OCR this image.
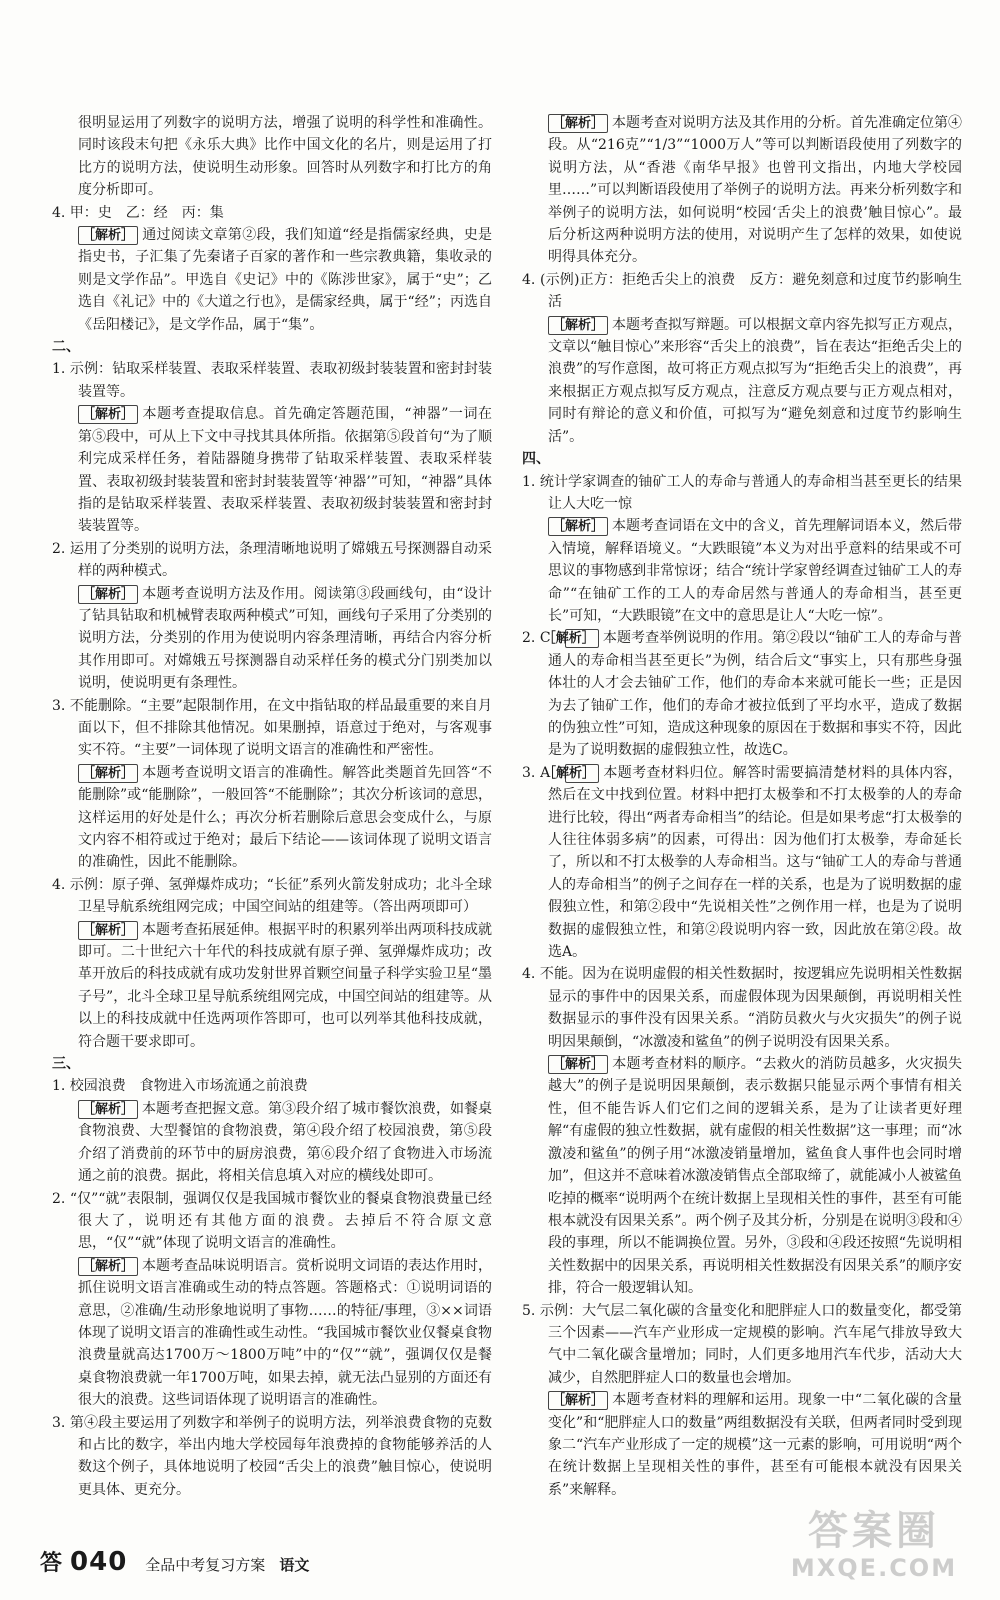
很明显运用了列数字的说明方法，增强了说明的科学性和准确性。同时该段末句把《永乐大典》比作中国文化的名片，则是运用了打比方的说明方法，使说明生动形象。回答时从列数字和打比方的角度分析即可。

4. 甲：史　乙：经　丙：集

［解析］ 通过阅读文章第②段，我们知道“经是指儒家经典，史是指史书，子汇集了先秦诸子百家的著作和一些宗教典籍，集收录的则是文学作品”。甲选自《史记》中的《陈涉世家》，属于“史”；乙选自《礼记》中的《大道之行也》，是儒家经典，属于“经”；丙选自《岳阳楼记》，是文学作品，属于“集”。

二、

1. 示例：钻取采样装置、表取采样装置、表取初级封装装置和密封封装装置等。

［解析］ 本题考查提取信息。首先确定答题范围，“神器”一词在第⑤段中，可从上下文中寻找其具体所指。依据第⑤段首句“为了顺利完成采样任务，着陆器随身携带了钻取采样装置、表取采样装置、表取初级封装装置和密封封装装置等‘神器’”可知，“神器”具体指的是钻取采样装置、表取采样装置、表取初级封装装置和密封封装装置等。

2. 运用了分类别的说明方法，条理清晰地说明了嫦娥五号探测器自动采样的两种模式。

［解析］ 本题考查说明方法及作用。阅读第③段画线句，由“设计了钻具钻取和机械臂表取两种模式”可知，画线句子采用了分类别的说明方法，分类别的作用为使说明内容条理清晰，再结合内容分析其作用即可。对嫦娥五号探测器自动采样任务的模式分门别类加以说明，使说明更有条理性。

3. 不能删除。“主要”起限制作用，在文中指钻取的样品最重要的来自月面以下，但不排除其他情况。如果删掉，语意过于绝对，与客观事实不符。“主要”一词体现了说明文语言的准确性和严密性。

［解析］ 本题考查说明文语言的准确性。解答此类题首先回答“不能删除”或“能删除”，一般回答“不能删除”；其次分析该词的意思，这样运用的好处是什么；再次分析若删除后意思会变成什么，与原文内容不相符或过于绝对；最后下结论——该词体现了说明文语言的准确性，因此不能删除。

4. 示例：原子弹、氢弹爆炸成功；“长征”系列火箭发射成功；北斗全球卫星导航系统组网完成；中国空间站的组建等。（答出两项即可）

［解析］ 本题考查拓展延伸。根据平时的积累列举出两项科技成就即可。二十世纪六十年代的科技成就有原子弹、氢弹爆炸成功；改革开放后的科技成就有成功发射世界首颗空间量子科学实验卫星“墨子号”，北斗全球卫星导航系统组网完成，中国空间站的组建等。从以上的科技成就中任选两项作答即可，也可以列举其他科技成就，符合题干要求即可。

三、

1. 校园浪费　食物进入市场流通之前浪费

［解析］ 本题考查把握文意。第③段介绍了城市餐饮浪费，如餐桌食物浪费、大型餐馆的食物浪费，第④段介绍了校园浪费，第⑤段介绍了消费前的环节中的厨房浪费，第⑥段介绍了食物进入市场流通之前的浪费。据此，将相关信息填入对应的横线处即可。

2. “仅”“就”表限制，强调仅仅是我国城市餐饮业的餐桌食物浪费量已经很大了，说明还有其他方面的浪费。去掉后不符合原文意思，“仅”“就”体现了说明文语言的准确性。

［解析］ 本题考查品味说明语言。赏析说明文词语的表达作用时，抓住说明文语言准确或生动的特点答题。答题格式：①说明词语的意思，②准确/生动形象地说明了事物……的特征/事理，③××词语体现了说明文语言的准确性或生动性。“我国城市餐饮业仅餐桌食物浪费量就高达1700万～1800万吨”中的“仅”“就”，强调仅仅是餐桌食物浪费就一年1700万吨，如果去掉，就无法凸显别的方面还有很大的浪费。这些词语体现了说明语言的准确性。

3. 第④段主要运用了列数字和举例子的说明方法，列举浪费食物的克数和占比的数字，举出内地大学校园每年浪费掉的食物能够养活的人数这个例子，具体地说明了校园“舌尖上的浪费”触目惊心，使说明更具体、更充分。

［解析］ 本题考查对说明方法及其作用的分析。首先准确定位第④段。从“216克”“1/3”“1000万人”等可以判断语段使用了列数字的说明方法，从“香港《南华早报》也曾刊文指出，内地大学校园里……”可以判断语段使用了举例子的说明方法。再来分析列数字和举例子的说明方法，如何说明“校园‘舌尖上的浪费’触目惊心”。最后分析这两种说明方法的使用，对说明产生了怎样的效果，如使说明得具体充分。

4. (示例)正方：拒绝舌尖上的浪费　反方：避免刻意和过度节约影响生活

［解析］ 本题考查拟写辩题。可以根据文章内容先拟写正方观点，文章以“触目惊心”来形容“舌尖上的浪费”，旨在表达“拒绝舌尖上的浪费”的写作意图，故可将正方观点拟写为“拒绝舌尖上的浪费”，再来根据正方观点拟写反方观点，注意反方观点要与正方观点相对，同时有辩论的意义和价值，可拟写为“避免刻意和过度节约影响生活”。

四、

1. 统计学家调查的铀矿工人的寿命与普通人的寿命相当甚至更长的结果让人大吃一惊

［解析］ 本题考查词语在文中的含义，首先理解词语本义，然后带入情境，解释语境义。“大跌眼镜”本义为对出乎意料的结果或不可思议的事物感到非常惊讶；结合“统计学家曾经调查过铀矿工人的寿命”“在铀矿工作的工人的寿命居然与普通人的寿命相当，甚至更长”可知，“大跌眼镜”在文中的意思是让人“大吃一惊”。

2. C　［解析］ 本题考查举例说明的作用。第②段以“铀矿工人的寿命与普通人的寿命相当甚至更长”为例，结合后文“事实上，只有那些身强体壮的人才会去铀矿工作，他们的寿命本来就可能长一些；正是因为去了铀矿工作，他们的寿命才被拉低到了平均水平，造成了数据的伪独立性”可知，造成这种现象的原因在于数据和事实不符，因此是为了说明数据的虚假独立性，故选C。

3. A　［解析］ 本题考查材料归位。解答时需要搞清楚材料的具体内容，然后在文中找到位置。材料中把打太极拳和不打太极拳的人的寿命进行比较，得出“两者寿命相当”的结论。但是如果考虑“打太极拳的人往往体弱多病”的因素，可得出：因为他们打太极拳，寿命延长了，所以和不打太极拳的人寿命相当。这与“铀矿工人的寿命与普通人的寿命相当”的例子之间存在一样的关系，也是为了说明数据的虚假独立性，和第②段中“先说相关性”之例作用一样，也是为了说明数据的虚假独立性，和第②段说明内容一致，因此放在第②段。故选A。

4. 不能。因为在说明虚假的相关性数据时，按逻辑应先说明相关性数据显示的事件中的因果关系，而虚假体现为因果颠倒，再说明相关性数据显示的事件没有因果关系。“消防员救火与火灾损失”的例子说明因果颠倒，“冰激凌和鲨鱼”的例子说明没有因果关系。

［解析］ 本题考查材料的顺序。“去救火的消防员越多，火灾损失越大”的例子是说明因果颠倒，表示数据只能显示两个事情有相关性，但不能告诉人们它们之间的逻辑关系，是为了让读者更好理解“有虚假的独立性数据，就有虚假的相关性数据”这一事理；而“冰激凌和鲨鱼”的例子用“冰激凌销量增加，鲨鱼食人事件也会同时增加”，但这并不意味着冰激凌销售点全部取缔了，就能减小人被鲨鱼吃掉的概率“说明两个在统计数据上呈现相关性的事件，甚至有可能根本就没有因果关系”。两个例子及其分析，分别是在说明③段和④段的事理，所以不能调换位置。另外，③段和④段还按照“先说明相关性数据中的因果关系，再说明相关性数据没有因果关系”的顺序安排，符合一般逻辑认知。

5. 示例：大气层二氧化碳的含量变化和肥胖症人口的数量变化，都受第三个因素——汽车产业形成一定规模的影响。汽车尾气排放导致大气中二氧化碳含量增加；同时，人们更多地用汽车代步，活动大大减少，自然肥胖症人口的数量也会增加。

［解析］ 本题考查材料的理解和运用。现象一中“二氧化碳的含量变化”和“肥胖症人口的数量”两组数据没有关联，但两者同时受到现象二“汽车产业形成了一定的规模”这一元素的影响，可用说明“两个在统计数据上呈现相关性的事件，甚至有可能根本就没有因果关系”来解释。

答 040 全品中考复习方案 语文
答案圈
MXQE.COM
